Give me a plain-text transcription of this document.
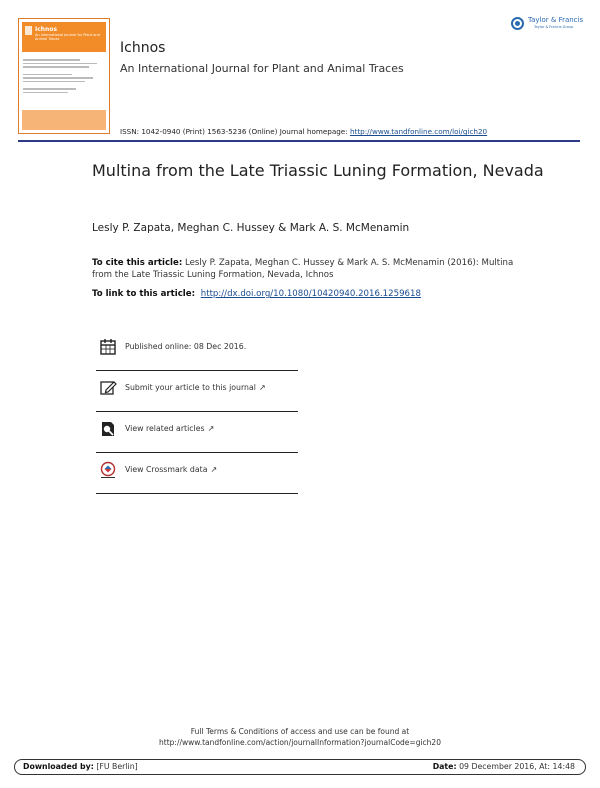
Ichnos
An International Journal for Plant and Animal Traces
Ichnos
An International Journal for Plant and Animal Traces
ISSN: 1042-0940 (Print) 1563-5236 (Online) Journal homepage: http://www.tandfonline.com/loi/gich20
Taylor & Francis
Taylor & Francis Group
Multina from the Late Triassic Luning Formation, Nevada
Lesly P. Zapata, Meghan C. Hussey & Mark A. S. McMenamin
To cite this article: Lesly P. Zapata, Meghan C. Hussey & Mark A. S. McMenamin (2016): Multina from the Late Triassic Luning Formation, Nevada, Ichnos
To link to this article: http://dx.doi.org/10.1080/10420940.2016.1259618
Published online: 08 Dec 2016.
Submit your article to this journal ↗
View related articles ↗
View Crossmark data ↗
Full Terms & Conditions of access and use can be found at
http://www.tandfonline.com/action/journalInformation?journalCode=gich20
Downloaded by: [FU Berlin]	Date: 09 December 2016, At: 14:48
